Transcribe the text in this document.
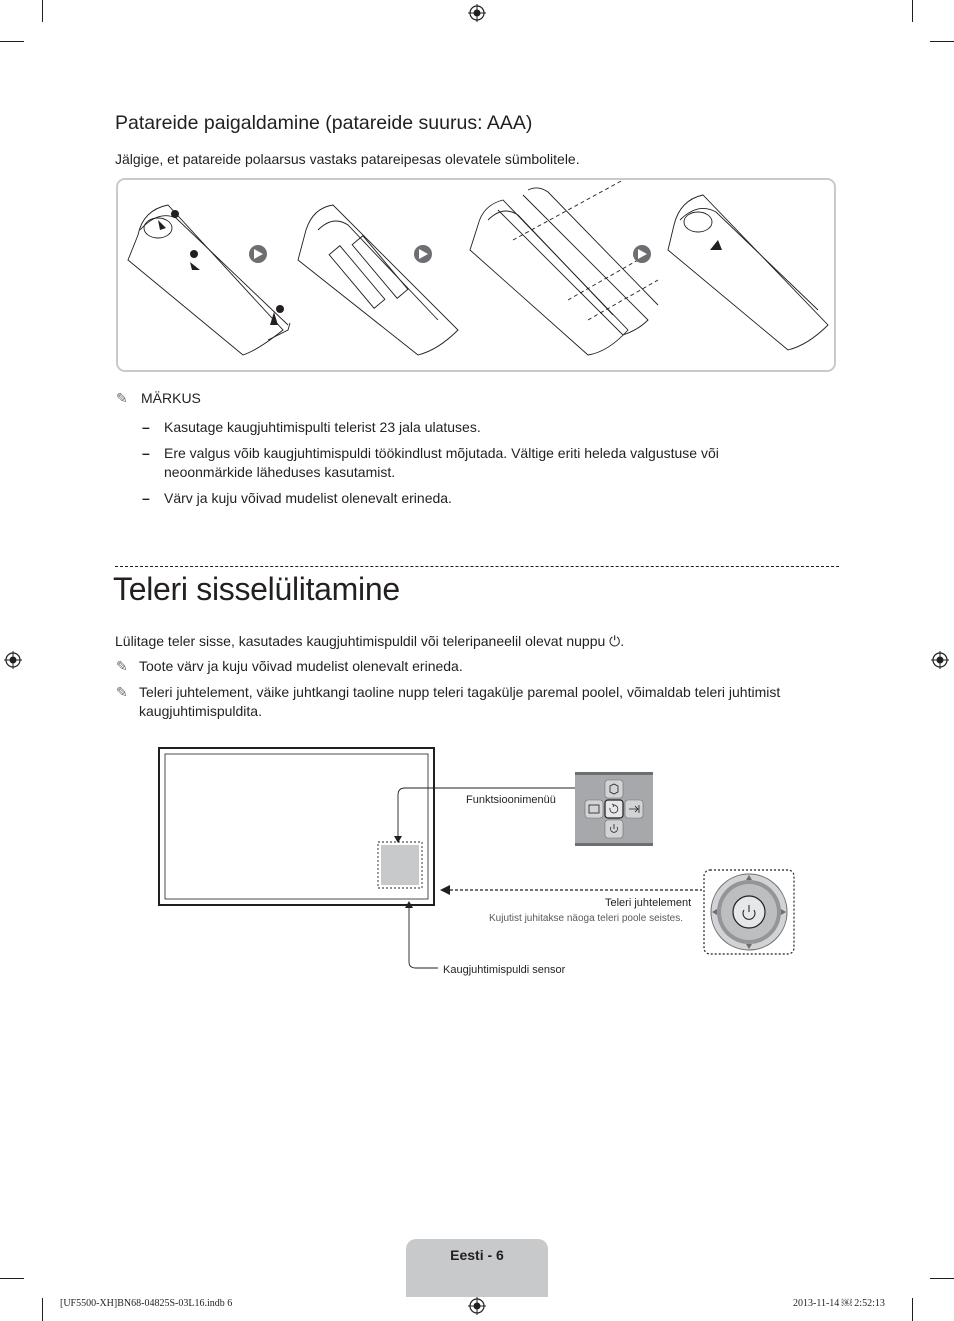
Patareide paigaldamine (patareide suurus: AAA)
Jälgige, et patareide polaarsus vastaks patareipesas olevatele sümbolitele.
✎ MÄRKUS
– Kasutage kaugjuhtimispulti telerist 23 jala ulatuses.
– Ere valgus võib kaugjuhtimispuldi töökindlust mõjutada. Vältige eriti heleda valgustuse või neoonmärkide läheduses kasutamist.
– Värv ja kuju võivad mudelist olenevalt erineda.
Teleri sisselülitamine
Lülitage teler sisse, kasutades kaugjuhtimispuldil või teleripaneelil olevat nuppu ⏻.
✎ Toote värv ja kuju võivad mudelist olenevalt erineda.
✎ Teleri juhtelement, väike juhtkangi taoline nupp teleri tagakülje paremal poolel, võimaldab teleri juhtimist kaugjuhtimispuldita.
Funktsioonimenüü
Teleri juhtelement
Kujutist juhitakse näoga teleri poole seistes.
Kaugjuhtimispuldi sensor
Eesti - 6
[UF5500-XH]BN68-04825S-03L16.indb 6	2013-11-14 ￼ 2:52:13
